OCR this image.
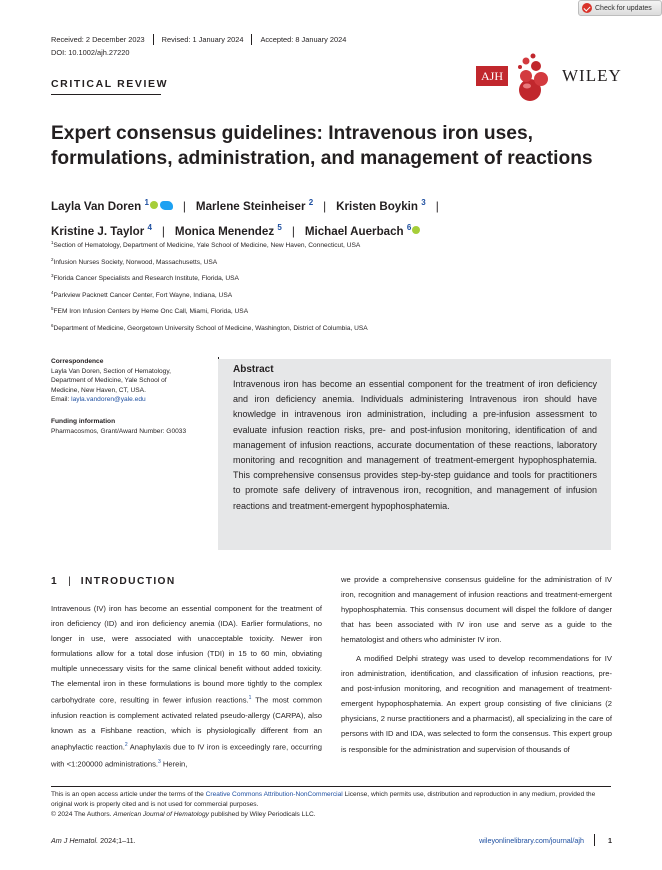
Check for updates
Received: 2 December 2023 Revised: 1 January 2024 Accepted: 8 January 2024
DOI: 10.1002/ajh.27220
CRITICAL REVIEW
AJH	WILEY
Expert consensus guidelines: Intravenous iron uses,
formulations, administration, and management of reactions
Layla Van Doren $^1$	| Marlene Steinheiser $^2$ | Kristen Boykin $^3$ |
Kristine J. Taylor $^4$ | Monica Menendez $^5$ | Michael Auerbach $^6$
$^1$Section of Hematology, Department of Medicine, Yale School of Medicine, New Haven, Connecticut, USA
$^2$Infusion Nurses Society, Norwood, Massachusetts, USA
$^3$Florida Cancer Specialists and Research Institute, Florida, USA
$^4$Parkview Packnett Cancer Center, Fort Wayne, Indiana, USA
$^5$FEM Iron Infusion Centers by Heme Onc Call, Miami, Florida, USA
$^6$Department of Medicine, Georgetown University School of Medicine, Washington, District of Columbia, USA
Correspondence
Layla Van Doren, Section of Hematology,
Department of Medicine, Yale School of
Medicine, New Haven, CT, USA.
Email: layla.vandoren@yale.edu
Funding information
Pharmacosmos, Grant/Award Number: G0033
Abstract
Intravenous iron has become an essential component for the treatment of iron deficiency and iron deficiency anemia. Individuals administering Intravenous iron should have knowledge in intravenous iron administration, including a pre-infusion assessment to evaluate infusion reaction risks, pre- and post-infusion monitoring, identification of and management of infusion reactions, accurate documentation of these reactions, laboratory monitoring and recognition and management of treatment-emergent hypophosphatemia. This comprehensive consensus provides step-by-step guidance and tools for practitioners to promote safe delivery of intravenous iron, recognition, and management of infusion reactions and treatment-emergent hypophosphatemia.
1 | INTRODUCTION

Intravenous (IV) iron has become an essential component for the treatment of iron deficiency (ID) and iron deficiency anemia (IDA). Earlier formulations, no longer in use, were associated with unacceptable toxicity. Newer iron formulations allow for a total dose infusion (TDI) in 15 to 60 min, obviating multiple unnecessary visits for the same clinical benefit without added toxicity. The elemental iron in these formulations is bound more tightly to the complex carbohydrate core, resulting in fewer infusion reactions.$^1$ The most common infusion reaction is complement activated related pseudo-allergy (CARPA), also known as a Fishbane reaction, which is physiologically different from an anaphylactic reaction.$^2$ Anaphylaxis due to IV iron is exceedingly rare, occurring with <1:200000 administrations.$^3$ Herein,

we provide a comprehensive consensus guideline for the administration of IV iron, recognition and management of infusion reactions and treatment-emergent hypophosphatemia. This consensus document will dispel the folklore of danger that has been associated with IV iron use and serve as a guide to the hematologist and others who administer IV iron.

A modified Delphi strategy was used to develop recommendations for IV iron administration, identification, and classification of infusion reactions, pre- and post-infusion monitoring, and recognition and management of treatment-emergent hypophosphatemia. An expert group consisting of five clinicians (2 physicians, 2 nurse practitioners and a pharmacist), all specializing in the care of persons with ID and IDA, was selected to form the consensus. This expert group is responsible for the administration and supervision of thousands of

This is an open access article under the terms of the Creative Commons Attribution-NonCommercial License, which permits use, distribution and reproduction in any medium, provided the original work is properly cited and is not used for commercial purposes.
© 2024 The Authors. American Journal of Hematology published by Wiley Periodicals LLC.
Am J Hematol. 2024;1–11.	wileyonlinelibrary.com/journal/ajh	1
